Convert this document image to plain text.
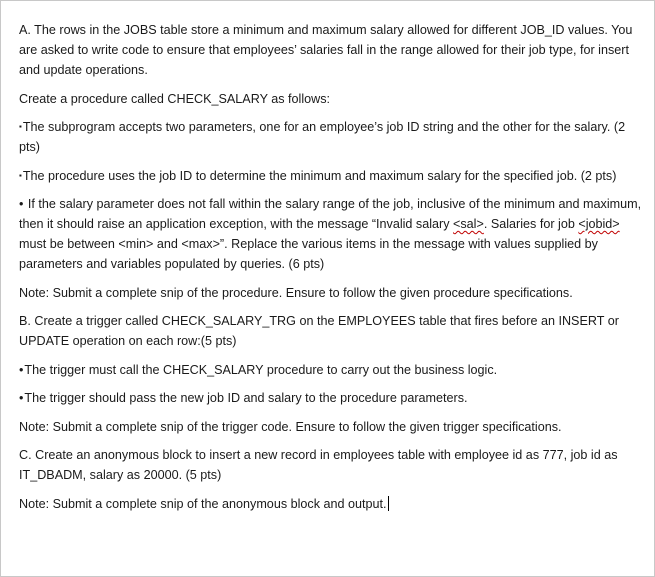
A. The rows in the JOBS table store a minimum and maximum salary allowed for different JOB_ID values. You are asked to write code to ensure that employees’ salaries fall in the range allowed for their job type, for insert and update operations.

Create a procedure called CHECK_SALARY as follows:

▪The subprogram accepts two parameters, one for an employee’s job ID string and the other for the salary. (2 pts)

▪The procedure uses the job ID to determine the minimum and maximum salary for the specified job. (2 pts)

• If the salary parameter does not fall within the salary range of the job, inclusive of the minimum and maximum, then it should raise an application exception, with the message “Invalid salary <sal>. Salaries for job <jobid> must be between <min> and <max>”. Replace the various items in the message with values supplied by parameters and variables populated by queries. (6 pts)

Note: Submit a complete snip of the procedure. Ensure to follow the given procedure specifications.

B. Create a trigger called CHECK_SALARY_TRG on the EMPLOYEES table that fires before an INSERT or UPDATE operation on each row:(5 pts)

•The trigger must call the CHECK_SALARY procedure to carry out the business logic.

•The trigger should pass the new job ID and salary to the procedure parameters.

Note: Submit a complete snip of the trigger code. Ensure to follow the given trigger specifications.

C. Create an anonymous block to insert a new record in employees table with employee id as 777, job id as IT_DBADM, salary as 20000. (5 pts)

Note: Submit a complete snip of the anonymous block and output.
